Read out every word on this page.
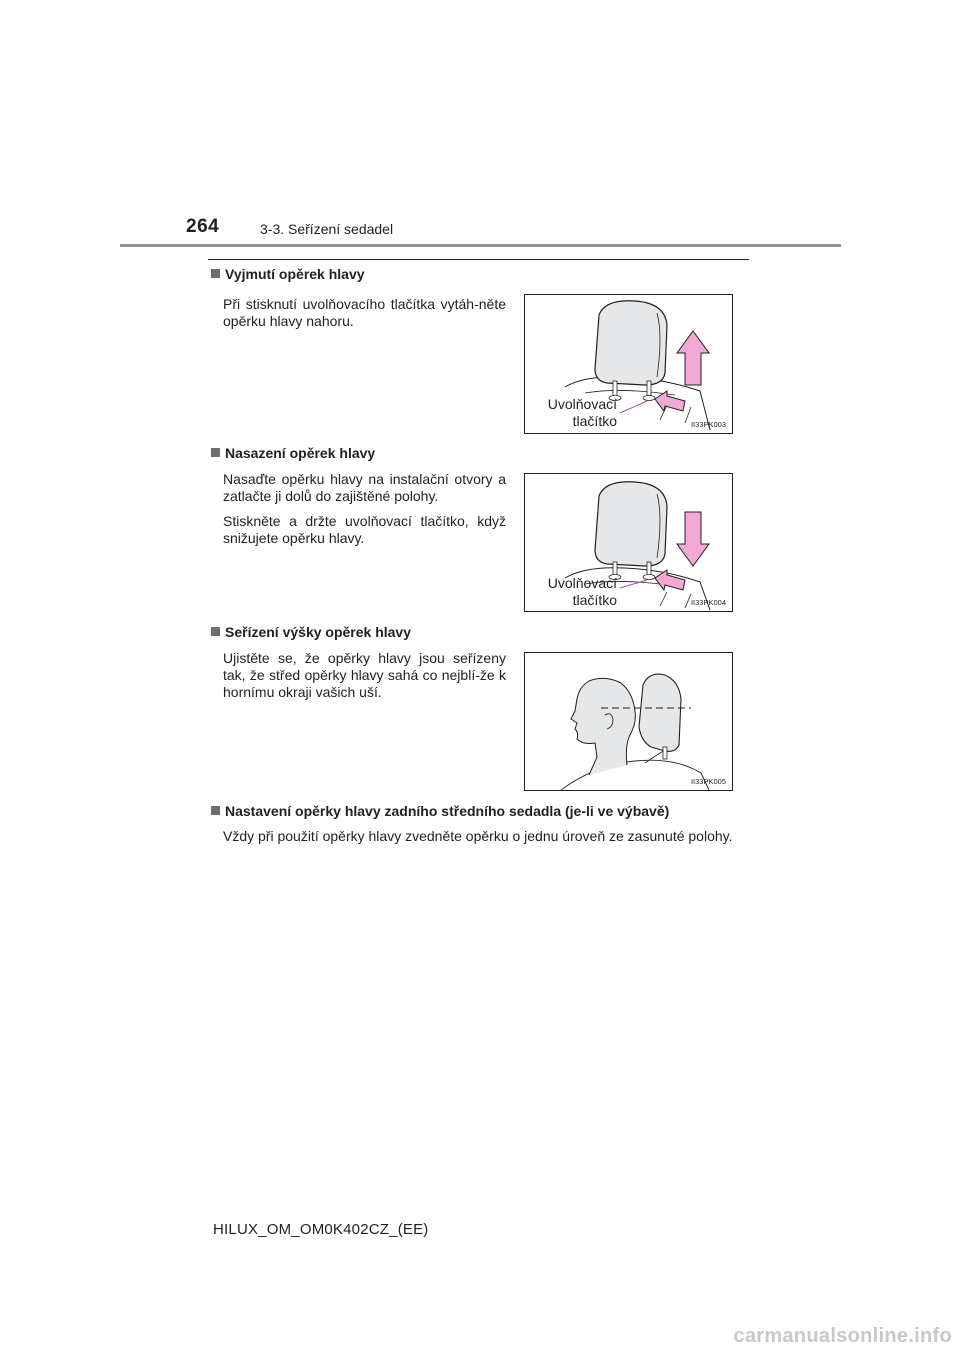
264	3-3. Seřízení sedadel
Vyjmutí opěrek hlavy
Při stisknutí uvolňovacího tlačítka vytáh-něte opěrku hlavy nahoru.
Uvolňovací
tlačítko	II33PK003
Nasazení opěrek hlavy
Nasaďte opěrku hlavy na instalační otvory a zatlačte ji dolů do zajištěné polohy.
Stiskněte a držte uvolňovací tlačítko, když snižujete opěrku hlavy.
Uvolňovací
tlačítko	II33PK004
Seřízení výšky opěrek hlavy
Ujistěte se, že opěrky hlavy jsou seřízeny tak, že střed opěrky hlavy sahá co nejblí-že k hornímu okraji vašich uší.
II33PK005
Nastavení opěrky hlavy zadního středního sedadla (je-li ve výbavě)
Vždy při použití opěrky hlavy zvedněte opěrku o jednu úroveň ze zasunuté polohy.
HILUX_OM_OM0K402CZ_(EE)
carmanualsonline.info
